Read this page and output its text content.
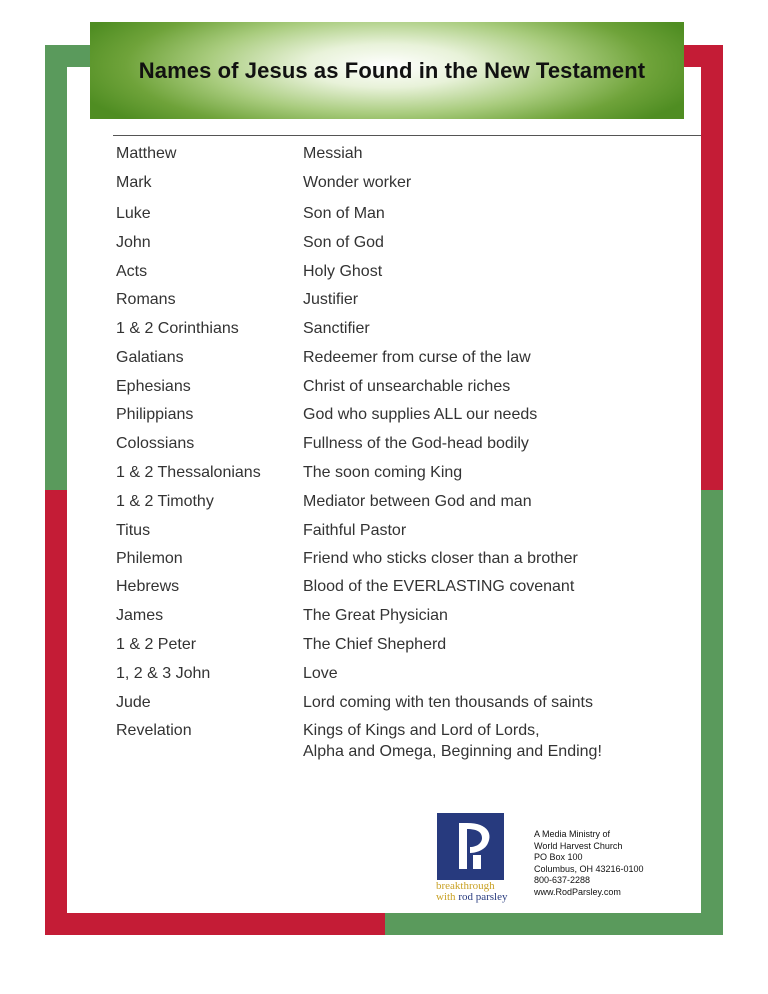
Names of Jesus as Found in the New Testament
Matthew	Messiah
Mark	Wonder worker
Luke	Son of Man
John	Son of God
Acts	Holy Ghost
Romans	Justifier
1 & 2 Corinthians	Sanctifier
Galatians	Redeemer from curse of the law
Ephesians	Christ of unsearchable riches
Philippians	God who supplies ALL our needs
Colossians	Fullness of the God-head bodily
1 & 2 Thessalonians	The soon coming King
1 & 2 Timothy	Mediator between God and man
Titus	Faithful Pastor
Philemon	Friend who sticks closer than a brother
Hebrews	Blood of the EVERLASTING covenant
James	The Great Physician
1 & 2 Peter	The Chief Shepherd
1, 2 & 3 John	Love
Jude	Lord coming with ten thousands of saints
Revelation	Kings of Kings and Lord of Lords,
Alpha and Omega, Beginning and Ending!
breakthrough
with rod parsley
A Media Ministry of
World Harvest Church
PO Box 100
Columbus, OH 43216-0100
800-637-2288
www.RodParsley.com
